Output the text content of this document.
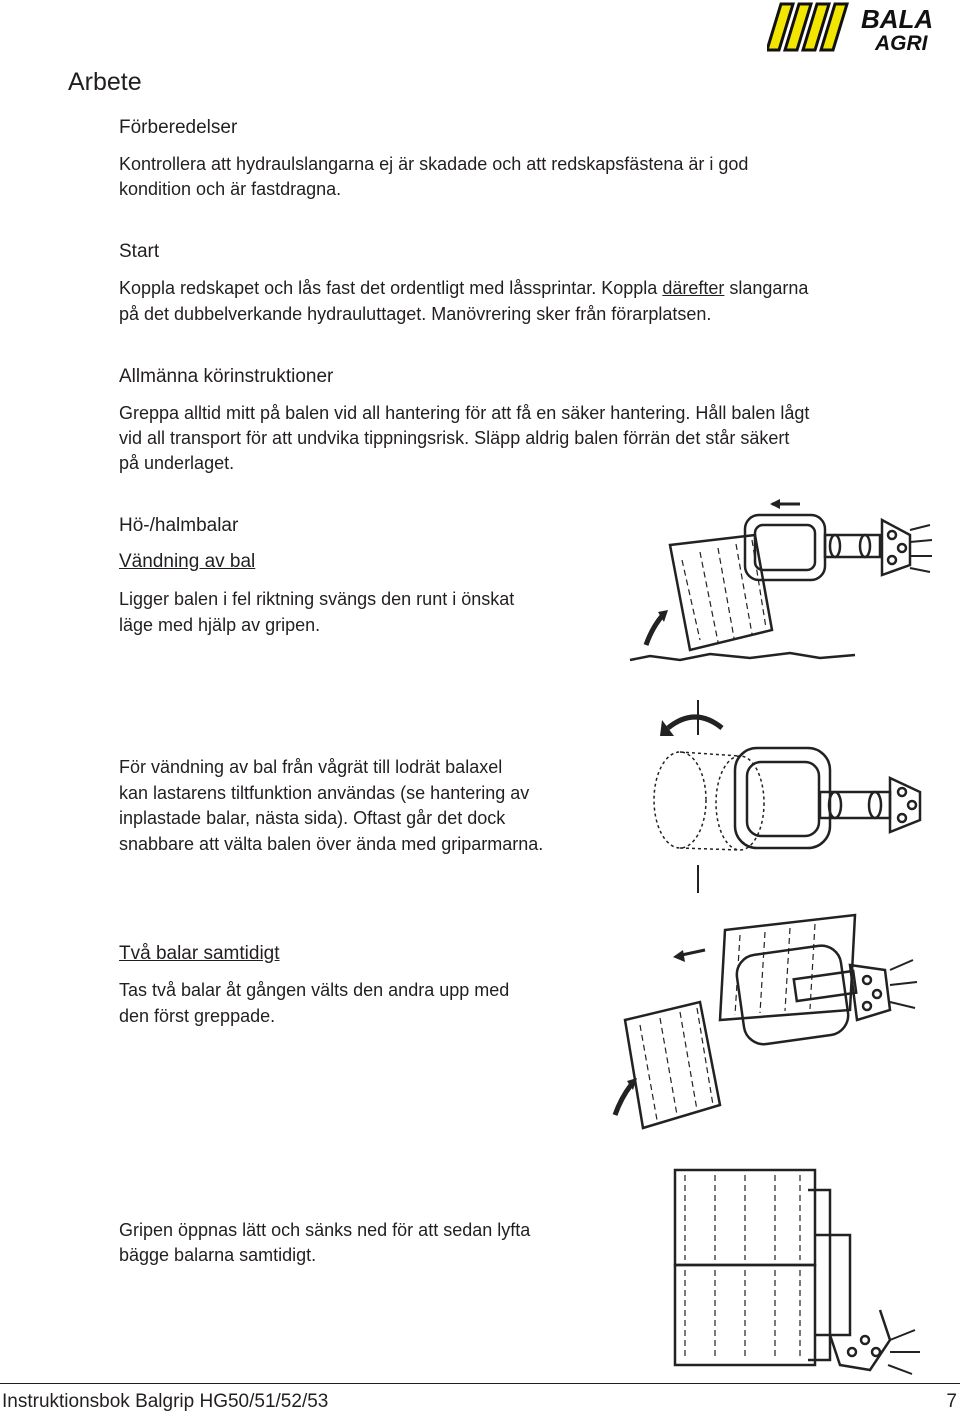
BALA
AGRI
Arbete
Förberedelser
Kontrollera att hydraulslangarna ej är skadade och att redskapsfästena är i god
kondition och är fastdragna.
Start
Koppla redskapet och lås fast det ordentligt med låssprintar. Koppla därefter slangarna
på det dubbelverkande hydrauluttaget. Manövrering sker från förarplatsen.
Allmänna körinstruktioner
Greppa alltid mitt på balen vid all hantering för att få en säker hantering. Håll balen lågt
vid all transport för att undvika tippningsrisk. Släpp aldrig balen förrän det står säkert
på underlaget.
Hö-/halmbalar
Vändning av bal
Ligger balen i fel riktning svängs den runt i önskat
läge med hjälp av gripen.
För vändning av bal från vågrät till lodrät balaxel
kan lastarens tiltfunktion användas (se hantering av
inplastade balar, nästa sida). Oftast går det dock
snabbare att välta balen över ända med griparmarna.
Två balar samtidigt
Tas två balar åt gången välts den andra upp med
den först greppade.
Gripen öppnas lätt och sänks ned för att sedan lyfta
bägge balarna samtidigt.
Instruktionsbok Balgrip HG50/51/52/53	7
